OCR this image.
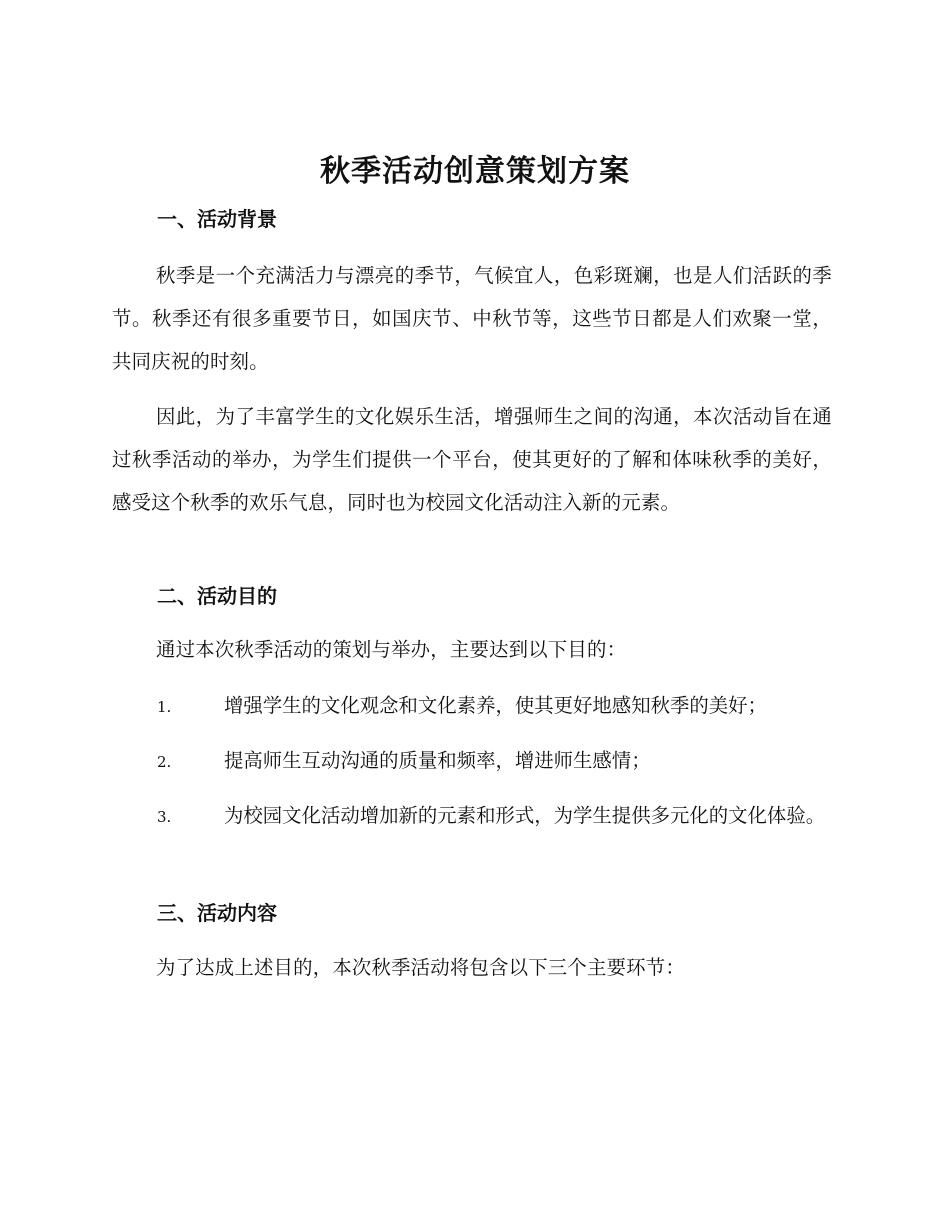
秋季活动创意策划方案
一、活动背景

秋季是一个充满活力与漂亮的季节，气候宜人，色彩斑斓，也是人们活跃的季节。秋季还有很多重要节日，如国庆节、中秋节等，这些节日都是人们欢聚一堂，共同庆祝的时刻。

因此，为了丰富学生的文化娱乐生活，增强师生之间的沟通，本次活动旨在通过秋季活动的举办，为学生们提供一个平台，使其更好的了解和体味秋季的美好，感受这个秋季的欢乐气息，同时也为校园文化活动注入新的元素。

二、活动目的

通过本次秋季活动的策划与举办，主要达到以下目的：

1.	增强学生的文化观念和文化素养，使其更好地感知秋季的美好；

2.	提高师生互动沟通的质量和频率，增进师生感情；

3.	为校园文化活动增加新的元素和形式，为学生提供多元化的文化体验。

三、活动内容

为了达成上述目的，本次秋季活动将包含以下三个主要环节：
